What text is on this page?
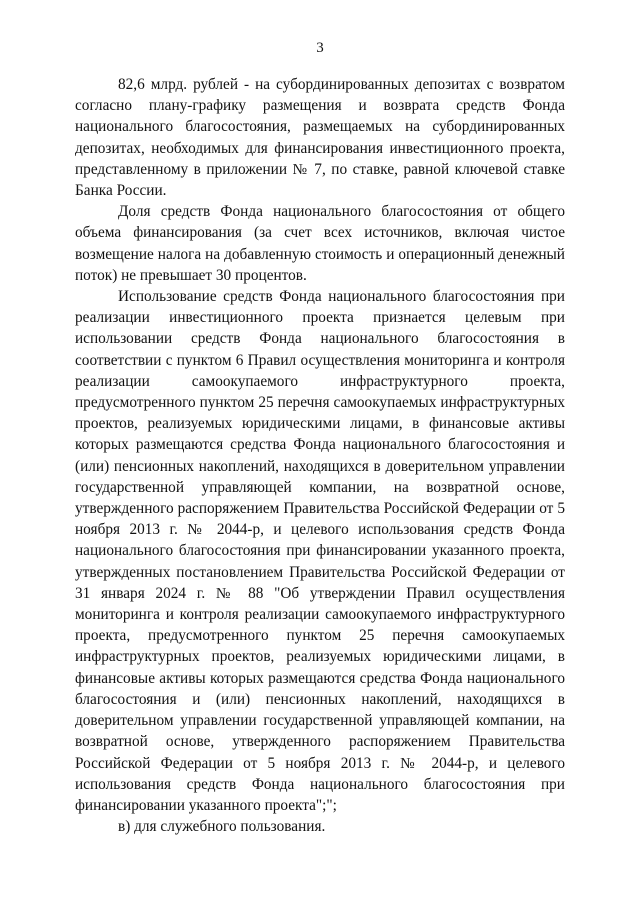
3

82,6 млрд. рублей - на субординированных депозитах с возвратом согласно плану-графику размещения и возврата средств Фонда национального благосостояния, размещаемых на субординированных депозитах, необходимых для финансирования инвестиционного проекта, представленному в приложении № 7, по ставке, равной ключевой ставке Банка России.

Доля средств Фонда национального благосостояния от общего объема финансирования (за счет всех источников, включая чистое возмещение налога на добавленную стоимость и операционный денежный поток) не превышает 30 процентов.

Использование средств Фонда национального благосостояния при реализации инвестиционного проекта признается целевым при использовании средств Фонда национального благосостояния в соответствии с пунктом 6 Правил осуществления мониторинга и контроля реализации самоокупаемого инфраструктурного проекта, предусмотренного пунктом 25 перечня самоокупаемых инфраструктурных проектов, реализуемых юридическими лицами, в финансовые активы которых размещаются средства Фонда национального благосостояния и (или) пенсионных накоплений, находящихся в доверительном управлении государственной управляющей компании, на возвратной основе, утвержденного распоряжением Правительства Российской Федерации от 5 ноября 2013 г. № 2044-р, и целевого использования средств Фонда национального благосостояния при финансировании указанного проекта, утвержденных постановлением Правительства Российской Федерации от 31 января 2024 г. № 88 "Об утверждении Правил осуществления мониторинга и контроля реализации самоокупаемого инфраструктурного проекта, предусмотренного пунктом 25 перечня самоокупаемых инфраструктурных проектов, реализуемых юридическими лицами, в финансовые активы которых размещаются средства Фонда национального благосостояния и (или) пенсионных накоплений, находящихся в доверительном управлении государственной управляющей компании, на возвратной основе, утвержденного распоряжением Правительства Российской Федерации от 5 ноября 2013 г. № 2044-р, и целевого использования средств Фонда национального благосостояния при финансировании указанного проекта";";

в) для служебного пользования.
